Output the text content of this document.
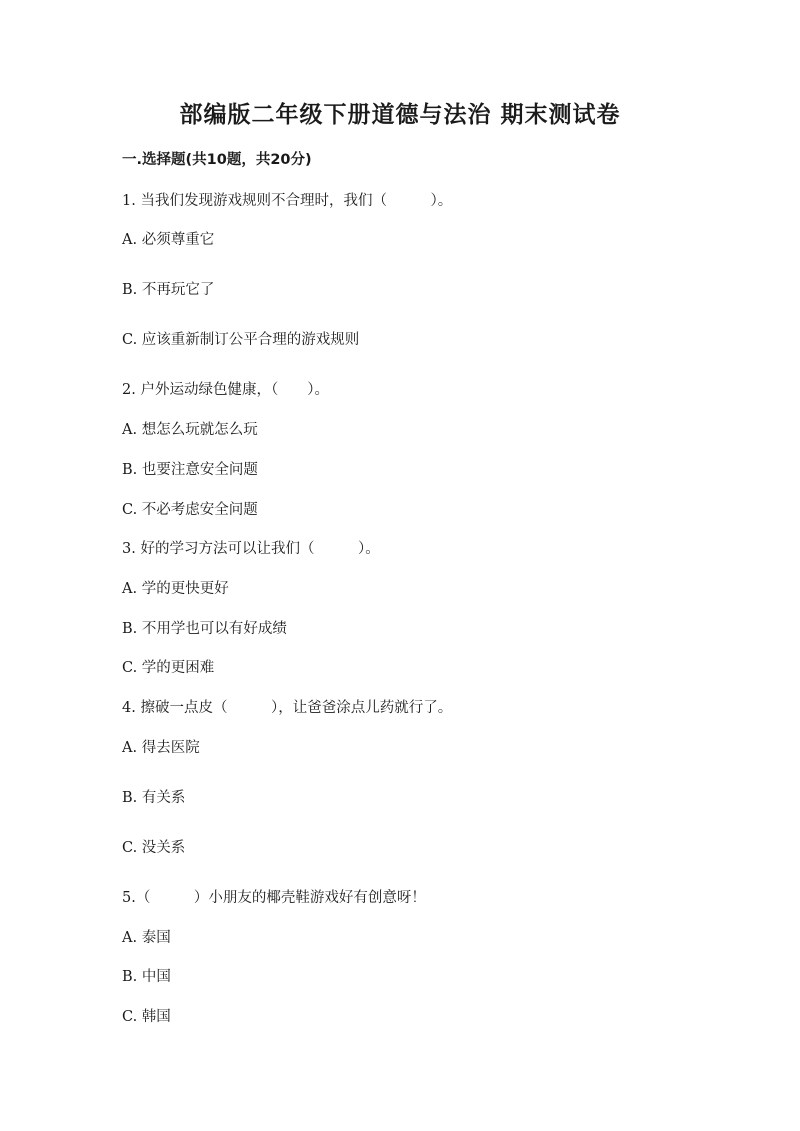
部编版二年级下册道德与法治 期末测试卷
一.选择题(共10题，共20分)
1. 当我们发现游戏规则不合理时，我们（　　　）。
A. 必须尊重它
B. 不再玩它了
C. 应该重新制订公平合理的游戏规则
2. 户外运动绿色健康，（　　）。
A. 想怎么玩就怎么玩
B. 也要注意安全问题
C. 不必考虑安全问题
3. 好的学习方法可以让我们（　　　）。
A. 学的更快更好
B. 不用学也可以有好成绩
C. 学的更困难
4. 擦破一点皮（　　　），让爸爸涂点儿药就行了。
A. 得去医院
B. 有关系
C. 没关系
5.（　　　）小朋友的椰壳鞋游戏好有创意呀！
A. 泰国
B. 中国
C. 韩国
